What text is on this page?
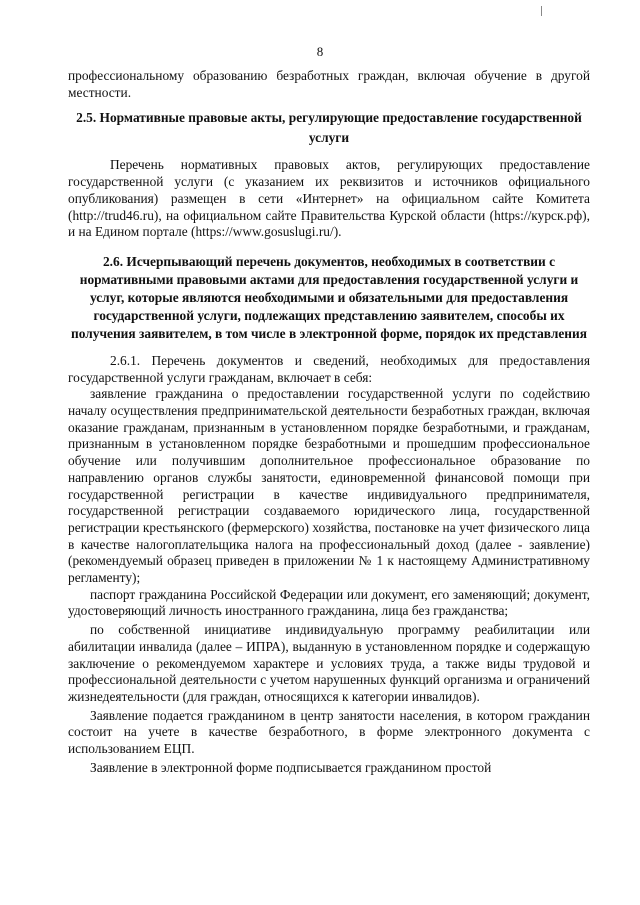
8

профессиональному образованию безработных граждан, включая обучение в другой местности.

2.5. Нормативные правовые акты, регулирующие предоставление государственной услуги

Перечень нормативных правовых актов, регулирующих предоставление государственной услуги (с указанием их реквизитов и источников официального опубликования) размещен в сети «Интернет» на официальном сайте Комитета (http://trud46.ru), на официальном сайте Правительства Курской области (https://курск.рф), и на Едином портале (https://www.gosuslugi.ru/).

2.6. Исчерпывающий перечень документов, необходимых в соответствии с нормативными правовыми актами для предоставления государственной услуги и услуг, которые являются необходимыми и обязательными для предоставления государственной услуги, подлежащих представлению заявителем, способы их получения заявителем, в том числе в электронной форме, порядок их представления

2.6.1. Перечень документов и сведений, необходимых для предоставления государственной услуги гражданам, включает в себя:

заявление гражданина о предоставлении государственной услуги по содействию началу осуществления предпринимательской деятельности безработных граждан, включая оказание гражданам, признанным в установленном порядке безработными, и гражданам, признанным в установленном порядке безработными и прошедшим профессиональное обучение или получившим дополнительное профессиональное образование по направлению органов службы занятости, единовременной финансовой помощи при государственной регистрации в качестве индивидуального предпринимателя, государственной регистрации создаваемого юридического лица, государственной регистрации крестьянского (фермерского) хозяйства, постановке на учет физического лица в качестве налогоплательщика налога на профессиональный доход (далее - заявление) (рекомендуемый образец приведен в приложении № 1 к настоящему Административному регламенту);

паспорт гражданина Российской Федерации или документ, его заменяющий; документ, удостоверяющий личность иностранного гражданина, лица без гражданства;

по собственной инициативе индивидуальную программу реабилитации или абилитации инвалида (далее – ИПРА), выданную в установленном порядке и содержащую заключение о рекомендуемом характере и условиях труда, а также виды трудовой и профессиональной деятельности с учетом нарушенных функций организма и ограничений жизнедеятельности (для граждан, относящихся к категории инвалидов).

Заявление подается гражданином в центр занятости населения, в котором гражданин состоит на учете в качестве безработного, в форме электронного документа с использованием ЕЦП.

Заявление в электронной форме подписывается гражданином простой
